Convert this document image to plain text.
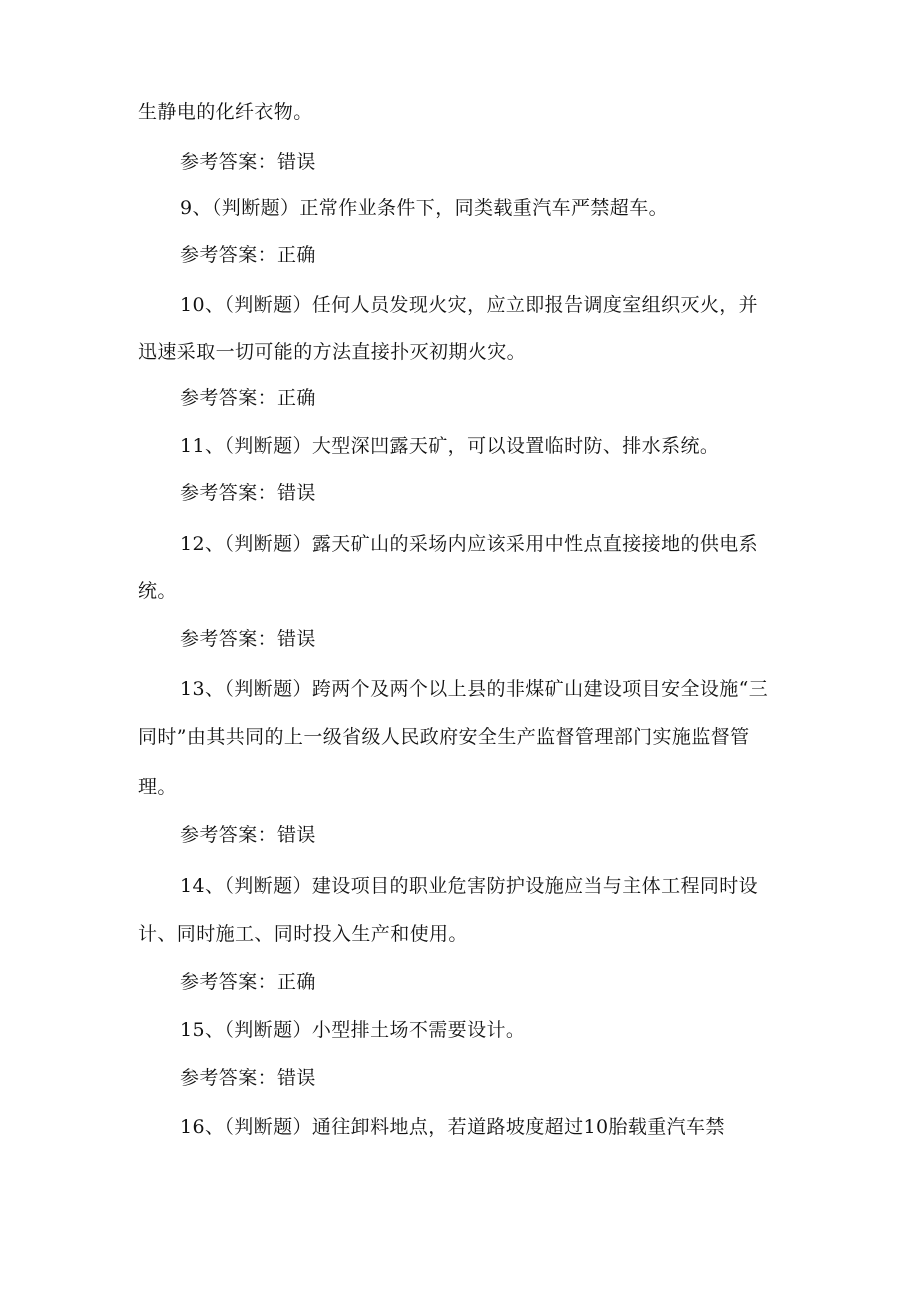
生静电的化纤衣物。
参考答案：错误
9、（判断题）正常作业条件下，同类载重汽车严禁超车。
参考答案：正确
10、（判断题）任何人员发现火灾，应立即报告调度室组织灭火，并
迅速采取一切可能的方法直接扑灭初期火灾。
参考答案：正确
11、（判断题）大型深凹露天矿，可以设置临时防、排水系统。
参考答案：错误
12、（判断题）露天矿山的采场内应该采用中性点直接接地的供电系
统。
参考答案：错误
13、（判断题）跨两个及两个以上县的非煤矿山建设项目安全设施“三
同时”由其共同的上一级省级人民政府安全生产监督管理部门实施监督管
理。
参考答案：错误
14、（判断题）建设项目的职业危害防护设施应当与主体工程同时设
计、同时施工、同时投入生产和使用。
参考答案：正确
15、（判断题）小型排土场不需要设计。
参考答案：错误
16、（判断题）通往卸料地点，若道路坡度超过10胎载重汽车禁
